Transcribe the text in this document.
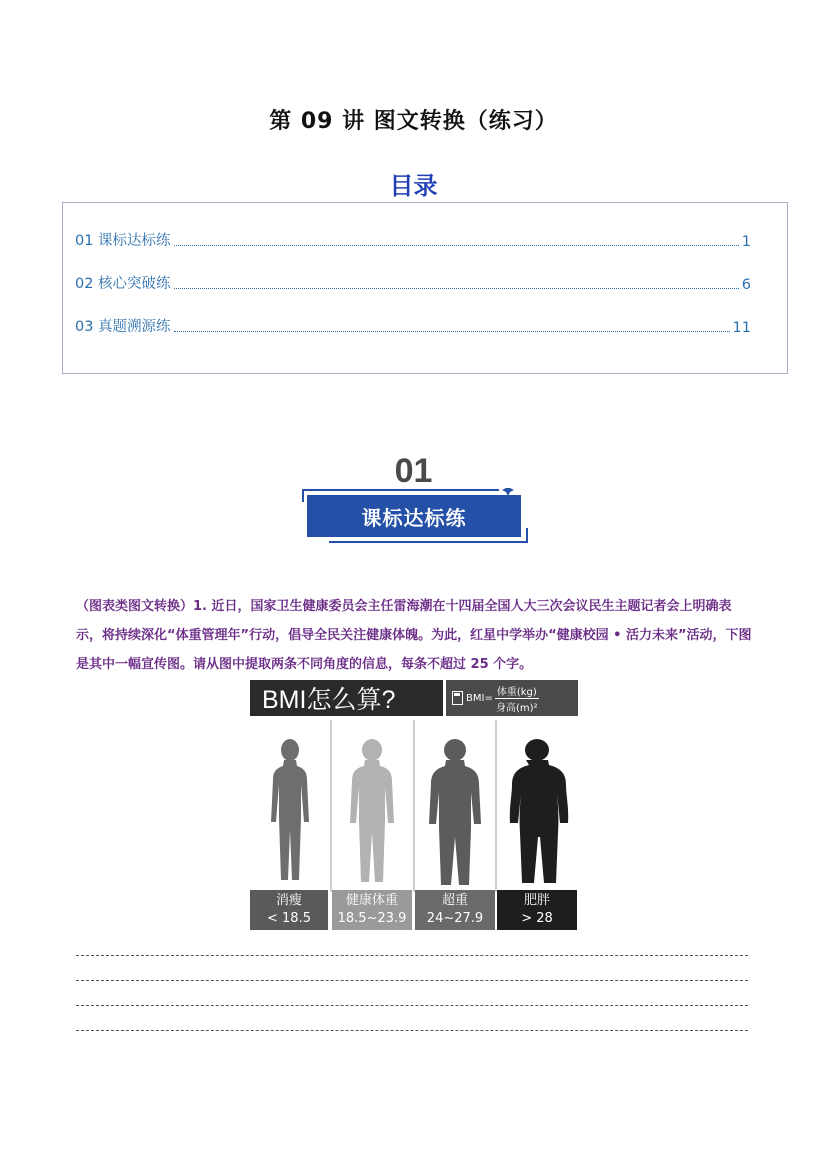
第 09 讲 图文转换（练习）
目录
01 课标达标练	1
02 核心突破练	6
03 真题溯源练	11
01
课标达标练
（图表类图文转换）1. 近日，国家卫生健康委员会主任雷海潮在十四届全国人大三次会议民生主题记者会上明确表示，将持续深化“体重管理年”行动，倡导全民关注健康体魄。为此，红星中学举办“健康校园 • 活力未来”活动，下图是其中一幅宣传图。请从图中提取两条不同角度的信息，每条不超过 25 个字。
BMI怎么算?	$BMI= \frac{\text{体重(kg)}}{\text{身高(m)²}}$
消瘦
< 18.5
健康体重
18.5~23.9
超重
24~27.9
肥胖
> 28
